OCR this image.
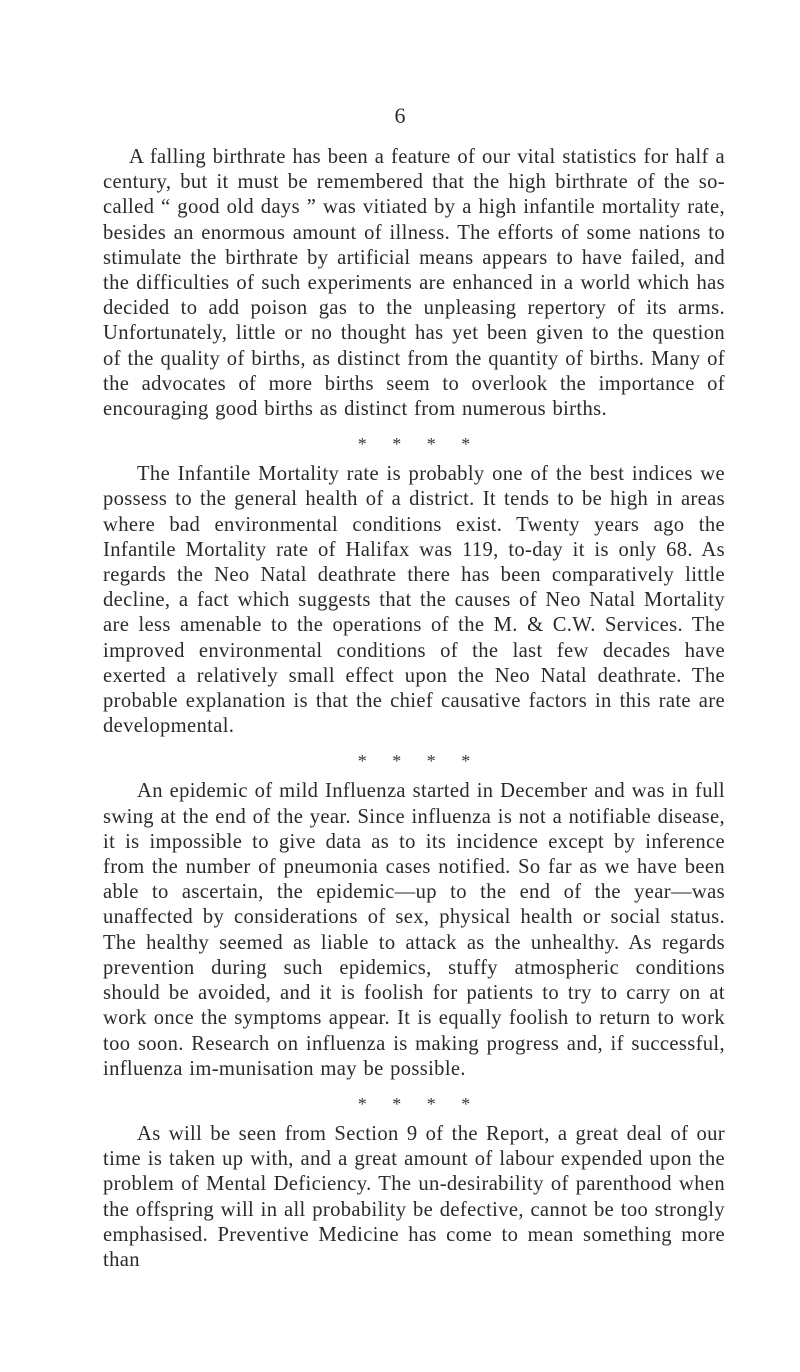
6

A falling birthrate has been a feature of our vital statistics for half a century, but it must be remembered that the high birthrate of the so-called “ good old days ” was vitiated by a high infantile mortality rate, besides an enormous amount of illness. The efforts of some nations to stimulate the birthrate by artificial means appears to have failed, and the difficulties of such experiments are enhanced in a world which has decided to add poison gas to the unpleasing repertory of its arms. Unfortunately, little or no thought has yet been given to the question of the quality of births, as distinct from the quantity of births. Many of the advocates of more births seem to overlook the importance of encouraging good births as distinct from numerous births.

* * * *

The Infantile Mortality rate is probably one of the best indices we possess to the general health of a district. It tends to be high in areas where bad environmental conditions exist. Twenty years ago the Infantile Mortality rate of Halifax was 119, to-day it is only 68. As regards the Neo Natal deathrate there has been comparatively little decline, a fact which suggests that the causes of Neo Natal Mortality are less amenable to the operations of the M. & C.W. Services. The improved environmental conditions of the last few decades have exerted a relatively small effect upon the Neo Natal deathrate. The probable explanation is that the chief causative factors in this rate are developmental.

* * * *

An epidemic of mild Influenza started in December and was in full swing at the end of the year. Since influenza is not a notifiable disease, it is impossible to give data as to its incidence except by inference from the number of pneumonia cases notified. So far as we have been able to ascertain, the epidemic—up to the end of the year—was unaffected by considerations of sex, physical health or social status. The healthy seemed as liable to attack as the unhealthy. As regards prevention during such epidemics, stuffy atmospheric conditions should be avoided, and it is foolish for patients to try to carry on at work once the symptoms appear. It is equally foolish to return to work too soon. Research on influenza is making progress and, if successful, influenza im-munisation may be possible.

* * * *

As will be seen from Section 9 of the Report, a great deal of our time is taken up with, and a great amount of labour expended upon the problem of Mental Deficiency. The un-desirability of parenthood when the offspring will in all probability be defective, cannot be too strongly emphasised. Preventive Medicine has come to mean something more than
